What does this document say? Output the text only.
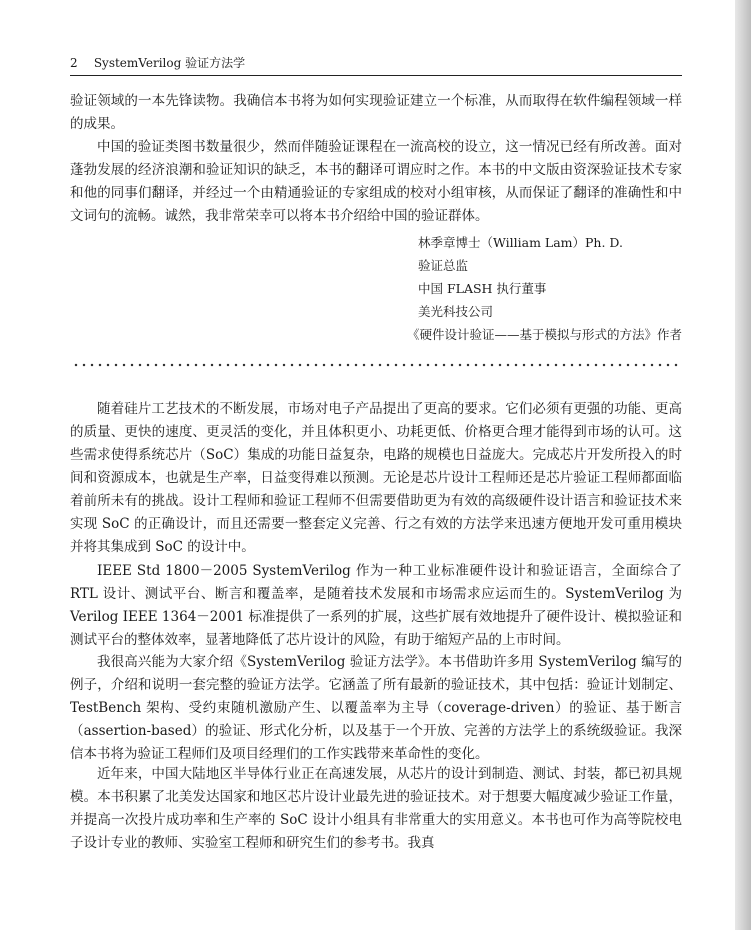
2 SystemVerilog 验证方法学

验证领域的一本先锋读物。我确信本书将为如何实现验证建立一个标准，从而取得在软件编程领域一样的成果。

中国的验证类图书数量很少，然而伴随验证课程在一流高校的设立，这一情况已经有所改善。面对蓬勃发展的经济浪潮和验证知识的缺乏，本书的翻译可谓应时之作。本书的中文版由资深验证技术专家和他的同事们翻译，并经过一个由精通验证的专家组成的校对小组审核，从而保证了翻译的准确性和中文词句的流畅。诚然，我非常荣幸可以将本书介绍给中国的验证群体。

林季章博士（William Lam）Ph. D.
验证总监
中国 FLASH 执行董事
美光科技公司
《硬件设计验证——基于模拟与形式的方法》作者

随着硅片工艺技术的不断发展，市场对电子产品提出了更高的要求。它们必须有更强的功能、更高的质量、更快的速度、更灵活的变化，并且体积更小、功耗更低、价格更合理才能得到市场的认可。这些需求使得系统芯片（SoC）集成的功能日益复杂，电路的规模也日益庞大。完成芯片开发所投入的时间和资源成本，也就是生产率，日益变得难以预测。无论是芯片设计工程师还是芯片验证工程师都面临着前所未有的挑战。设计工程师和验证工程师不但需要借助更为有效的高级硬件设计语言和验证技术来实现 SoC 的正确设计，而且还需要一整套定义完善、行之有效的方法学来迅速方便地开发可重用模块并将其集成到 SoC 的设计中。

IEEE Std 1800－2005 SystemVerilog 作为一种工业标准硬件设计和验证语言，全面综合了 RTL 设计、测试平台、断言和覆盖率，是随着技术发展和市场需求应运而生的。SystemVerilog 为 Verilog IEEE 1364－2001 标准提供了一系列的扩展，这些扩展有效地提升了硬件设计、模拟验证和测试平台的整体效率，显著地降低了芯片设计的风险，有助于缩短产品的上市时间。

我很高兴能为大家介绍《SystemVerilog 验证方法学》。本书借助许多用 SystemVerilog 编写的例子，介绍和说明一套完整的验证方法学。它涵盖了所有最新的验证技术，其中包括：验证计划制定、TestBench 架构、受约束随机激励产生、以覆盖率为主导（coverage-driven）的验证、基于断言（assertion-based）的验证、形式化分析，以及基于一个开放、完善的方法学上的系统级验证。我深信本书将为验证工程师们及项目经理们的工作实践带来革命性的变化。

近年来，中国大陆地区半导体行业正在高速发展，从芯片的设计到制造、测试、封装，都已初具规模。本书积累了北美发达国家和地区芯片设计业最先进的验证技术。对于想要大幅度减少验证工作量，并提高一次投片成功率和生产率的 SoC 设计小组具有非常重大的实用意义。本书也可作为高等院校电子设计专业的教师、实验室工程师和研究生们的参考书。我真
